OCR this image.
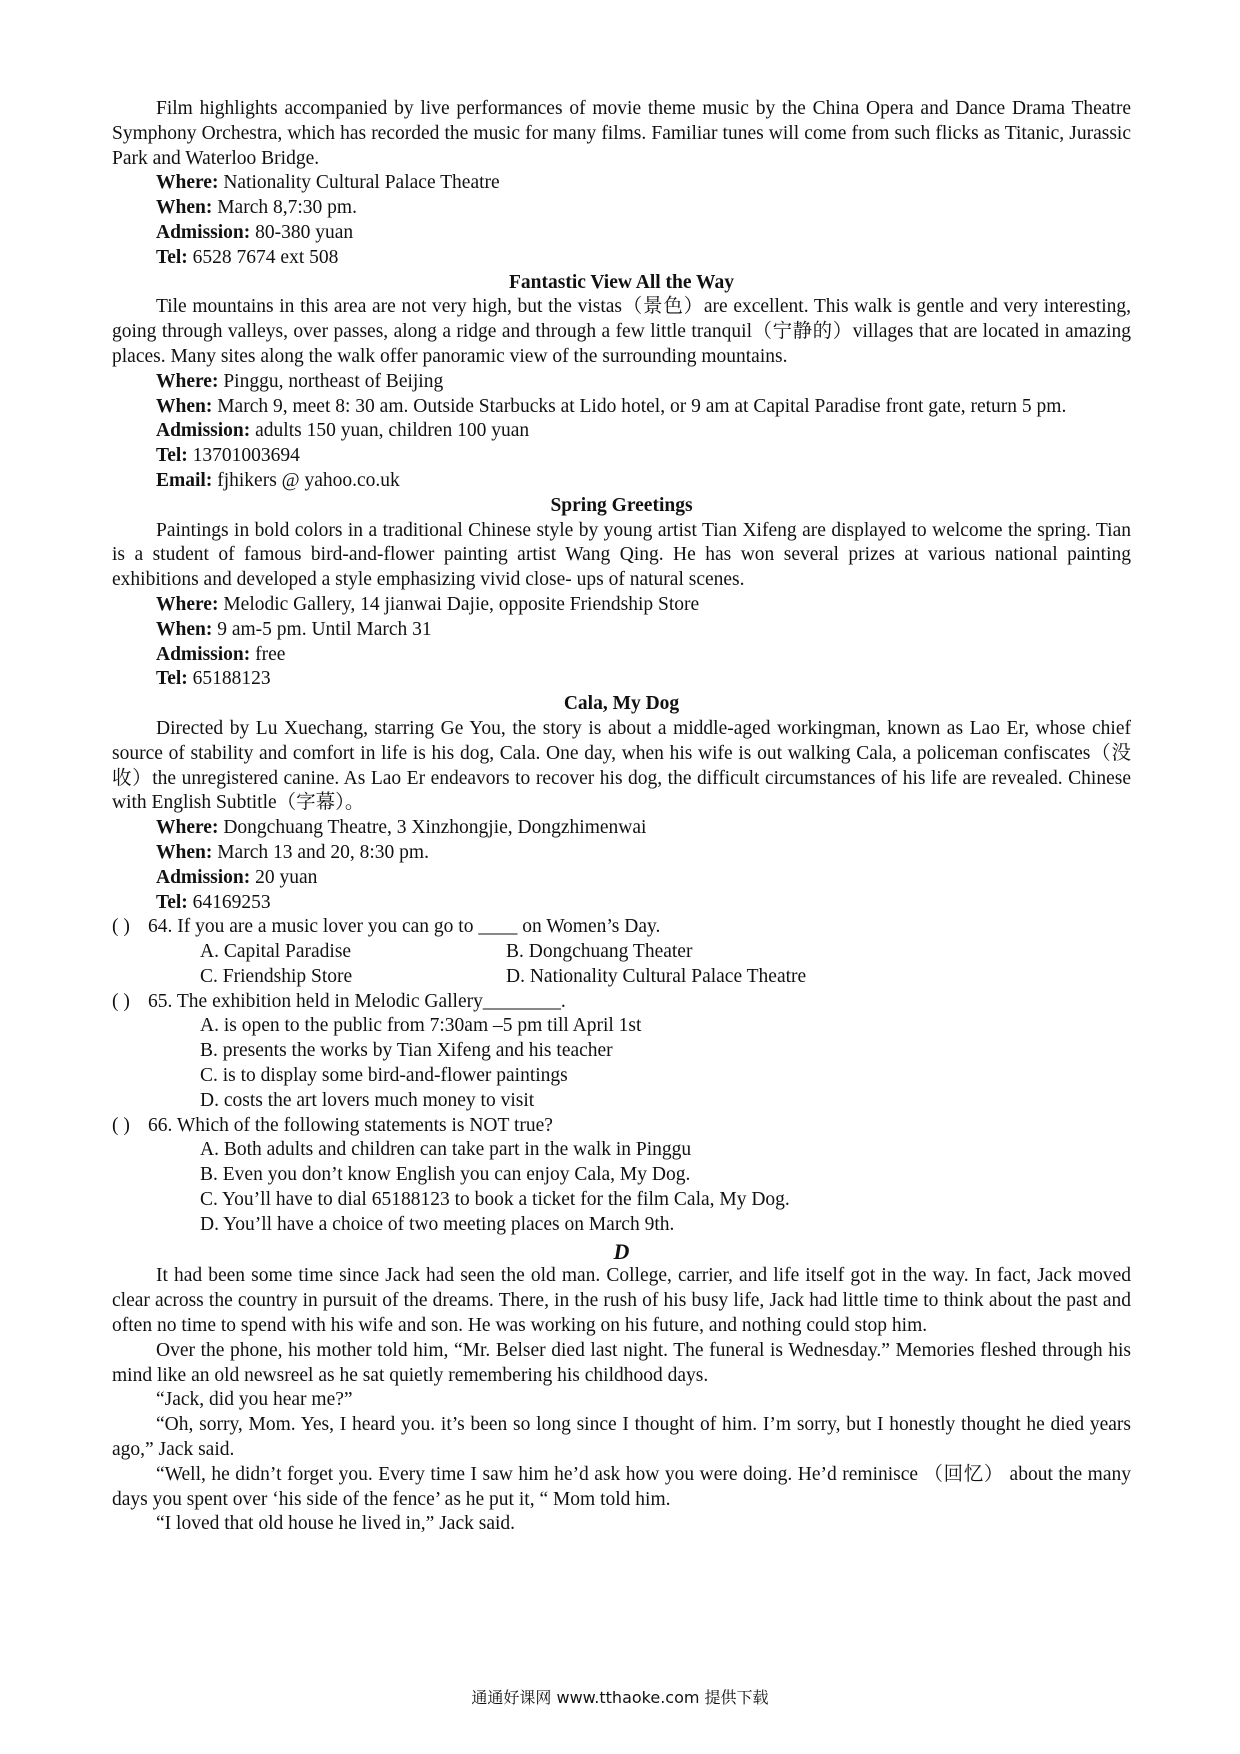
Film highlights accompanied by live performances of movie theme music by the China Opera and Dance Drama Theatre Symphony Orchestra, which has recorded the music for many films. Familiar tunes will come from such flicks as Titanic, Jurassic Park and Waterloo Bridge.

Where: Nationality Cultural Palace Theatre

When: March 8,7:30 pm.

Admission: 80-380 yuan

Tel: 6528 7674 ext 508

Fantastic View All the Way

Tile mountains in this area are not very high, but the vistas（景色）are excellent. This walk is gentle and very interesting, going through valleys, over passes, along a ridge and through a few little tranquil（宁静的）villages that are located in amazing places. Many sites along the walk offer panoramic view of the surrounding mountains.

Where: Pinggu, northeast of Beijing

When: March 9, meet 8: 30 am. Outside Starbucks at Lido hotel, or 9 am at Capital Paradise front gate, return 5 pm.

Admission: adults 150 yuan, children 100 yuan

Tel: 13701003694

Email: fjhikers @ yahoo.co.uk

Spring Greetings

Paintings in bold colors in a traditional Chinese style by young artist Tian Xifeng are displayed to welcome the spring. Tian is a student of famous bird-and-flower painting artist Wang Qing. He has won several prizes at various national painting exhibitions and developed a style emphasizing vivid close- ups of natural scenes.

Where: Melodic Gallery, 14 jianwai Dajie, opposite Friendship Store

When: 9 am-5 pm. Until March 31

Admission: free

Tel: 65188123

Cala, My Dog

Directed by Lu Xuechang, starring Ge You, the story is about a middle-aged workingman, known as Lao Er, whose chief source of stability and comfort in life is his dog, Cala. One day, when his wife is out walking Cala, a policeman confiscates（没收）the unregistered canine. As Lao Er endeavors to recover his dog, the difficult circumstances of his life are revealed. Chinese with English Subtitle（字幕）。

Where: Dongchuang Theatre, 3 Xinzhongjie, Dongzhimenwai

When: March 13 and 20, 8:30 pm.

Admission: 20 yuan

Tel: 64169253

( ) 64. If you are a music lover you can go to ____ on Women’s Day.
A. Capital Paradise	B. Dongchuang Theater
C. Friendship Store	D. Nationality Cultural Palace Theatre
( ) 65. The exhibition held in Melodic Gallery________.

A. is open to the public from 7:30am –5 pm till April 1st

B. presents the works by Tian Xifeng and his teacher

C. is to display some bird-and-flower paintings

D. costs the art lovers much money to visit

( ) 66. Which of the following statements is NOT true?

A. Both adults and children can take part in the walk in Pinggu

B. Even you don’t know English you can enjoy Cala, My Dog.

C. You’ll have to dial 65188123 to book a ticket for the film Cala, My Dog.

D. You’ll have a choice of two meeting places on March 9th.

D

It had been some time since Jack had seen the old man. College, carrier, and life itself got in the way. In fact, Jack moved clear across the country in pursuit of the dreams. There, in the rush of his busy life, Jack had little time to think about the past and often no time to spend with his wife and son. He was working on his future, and nothing could stop him.

Over the phone, his mother told him, “Mr. Belser died last night. The funeral is Wednesday.” Memories fleshed through his mind like an old newsreel as he sat quietly remembering his childhood days.

“Jack, did you hear me?”

“Oh, sorry, Mom. Yes, I heard you. it’s been so long since I thought of him. I’m sorry, but I honestly thought he died years ago,” Jack said.

“Well, he didn’t forget you. Every time I saw him he’d ask how you were doing. He’d reminisce （回忆） about the many days you spent over ‘his side of the fence’ as he put it, “ Mom told him.

“I loved that old house he lived in,” Jack said.

通通好课网 www.tthaoke.com 提供下载
